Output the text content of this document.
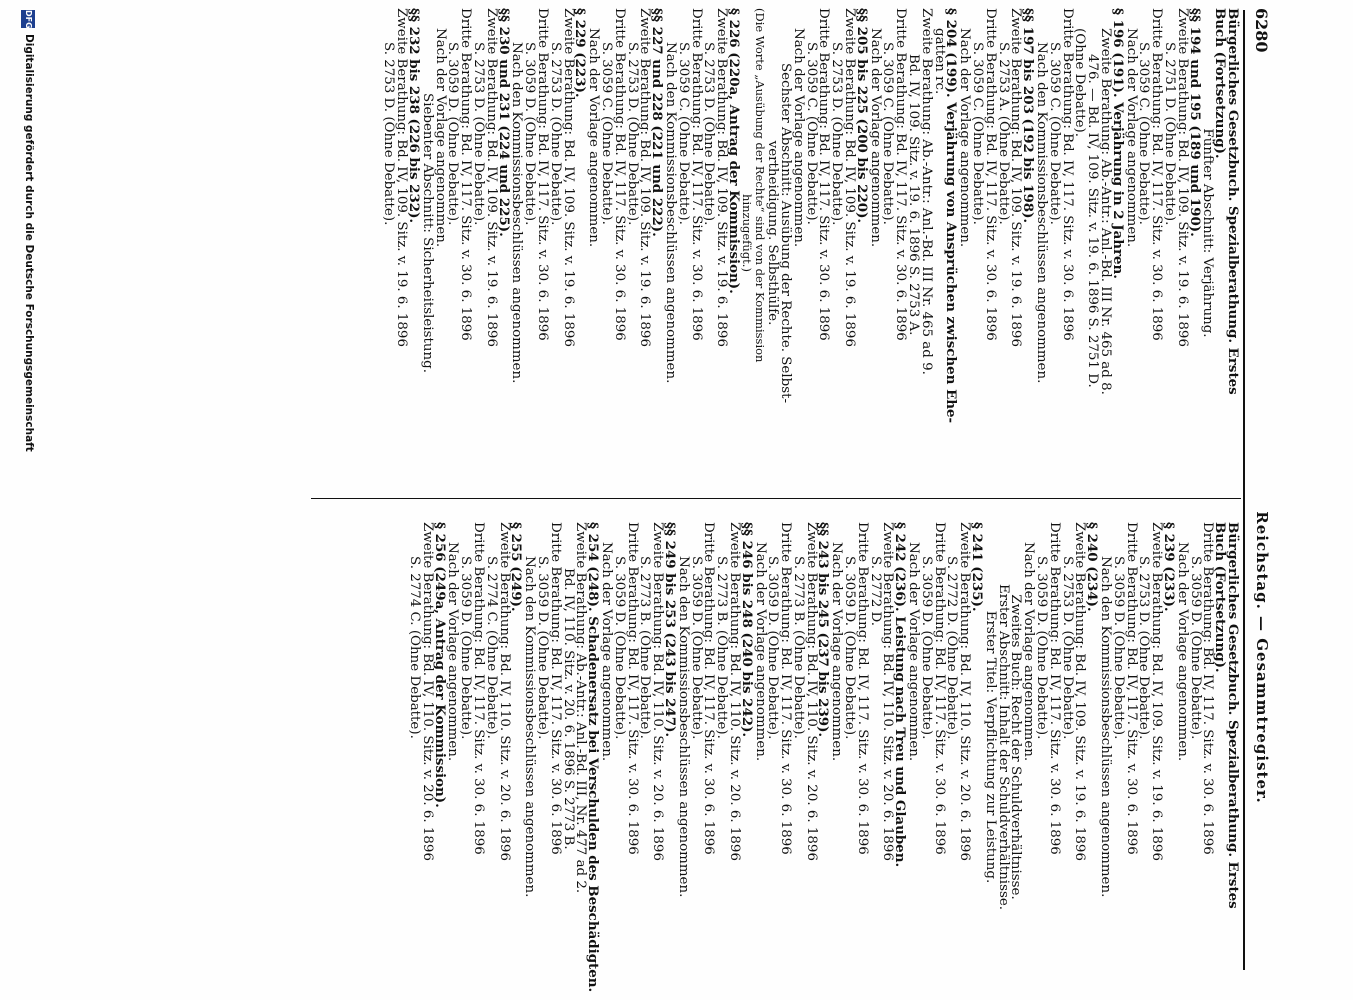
6280
Reichstag. — Gesammtregister.
Bürgerliches Gesetzbuch. Spezialberathung. Erstes
Buch (Fortsetzung).
Fünfter Abschnitt: Verjährung.
§§ 194 und 195 (189 und 190).
Zweite Berathung: Bd. IV, 109. Sitz. v. 19. 6. 1896
S. 2751 D. (Ohne Debatte).
Dritte Berathung: Bd. IV, 117. Sitz. v. 30. 6. 1896
S. 3059 C. (Ohne Debatte).
Nach der Vorlage angenommen.
§ 196 (191). Verjährung in 2 Jahren.
Zweite Berathung: Ab.-Antr.: Anl.-Bd. III Nr. 465 ad 8.
476. — Bd. IV, 109. Sitz. v. 19. 6. 1896 S. 2751 D.
(Ohne Debatte).
Dritte Berathung: Bd. IV, 117. Sitz. v. 30. 6. 1896
S. 3059 C. (Ohne Debatte).
Nach den Kommissionsbeschlüssen angenommen.
§§ 197 bis 203 (192 bis 198).
Zweite Berathung: Bd. IV, 109. Sitz. v. 19. 6. 1896
S. 2753 A. (Ohne Debatte).
Dritte Berathung: Bd. IV, 117. Sitz. v. 30. 6. 1896
S. 3059 C. (Ohne Debatte).
Nach der Vorlage angenommen.
§ 204 (199). Verjährung von Ansprüchen zwischen Ehe-
gatten rc.
Zweite Berathung: Ab.-Antr.: Anl.-Bd. III Nr. 465 ad 9.
Bd. IV, 109. Sitz. v. 19. 6. 1896 S. 2753 A.
Dritte Berathung: Bd. IV, 117. Sitz. v. 30. 6. 1896
S. 3059 C. (Ohne Debatte).
Nach der Vorlage angenommen.
§§ 205 bis 225 (200 bis 220).
Zweite Berathung: Bd. IV, 109. Sitz. v. 19. 6. 1896
S. 2753 D. (Ohne Debatte).
Dritte Berathung: Bd. IV, 117. Sitz. v. 30. 6. 1896
S. 3059 C. (Ohne Debatte).
Nach der Vorlage angenommen.
Sechster Abschnitt: Ausübung der Rechte. Selbst-
vertheidigung. Selbsthülfe.
(Die Worte „Ausübung der Rechte“ sind von der Kommission
hinzugefügt.)
§ 226 (220a, Antrag der Kommission).
Zweite Berathung: Bd. IV, 109. Sitz. v. 19. 6. 1896
S. 2753 D. (Ohne Debatte).
Dritte Berathung: Bd. IV, 117. Sitz. v. 30. 6. 1896
S. 3059 C. (Ohne Debatte).
Nach den Kommissionsbeschlüssen angenommen.
§§ 227 und 228 (221 und 222).
Zweite Berathung: Bd. IV, 109. Sitz. v. 19. 6. 1896
S. 2753 D. (Ohne Debatte).
Dritte Berathung: Bd. IV, 117. Sitz. v. 30. 6. 1896
S. 3059 C. (Ohne Debatte).
Nach der Vorlage angenommen.
§ 229 (223).
Zweite Berathung: Bd. IV, 109. Sitz. v. 19. 6. 1896
S. 2753 D. (Ohne Debatte).
Dritte Berathung: Bd. IV, 117. Sitz. v. 30. 6. 1896
S. 3059 D. (Ohne Debatte).
Nach den Kommissionsbeschlüssen angenommen.
§§ 230 und 231 (224 und 225).
Zweite Berathung: Bd. IV, 109. Sitz. v. 19. 6. 1896
S. 2753 D. (Ohne Debatte).
Dritte Berathung: Bd. IV, 117. Sitz. v. 30. 6. 1896
S. 3059 D. (Ohne Debatte).
Nach der Vorlage angenommen.
Siebenter Abschnitt: Sicherheitsleistung.
§§ 232 bis 238 (226 bis 232).
Zweite Berathung: Bd. IV, 109. Sitz. v. 19. 6. 1896
S. 2753 D. (Ohne Debatte).
Bürgerliches Gesetzbuch. Spezialberathung. Erstes
Buch (Fortsetzung).
Dritte Berathung: Bd. IV, 117. Sitz. v. 30. 6. 1896
S. 3059 D. (Ohne Debatte).
Nach der Vorlage angenommen.
§ 239 (233).
Zweite Berathung: Bd. IV, 109. Sitz. v. 19. 6. 1896
S. 2753 D. (Ohne Debatte).
Dritte Berathung: Bd. IV, 117. Sitz. v. 30. 6. 1896
S. 3059 D. (Ohne Debatte).
Nach den Kommissionsbeschlüssen angenommen.
§ 240 (234).
Zweite Berathung: Bd. IV, 109. Sitz. v. 19. 6. 1896
S. 2753 D. (Ohne Debatte).
Dritte Berathung: Bd. IV, 117. Sitz. v. 30. 6. 1896
S. 3059 D. (Ohne Debatte).
Nach der Vorlage angenommen.
Zweites Buch: Recht der Schuldverhältnisse.
Erster Abschnitt: Inhalt der Schuldverhältnisse.
Erster Titel: Verpflichtung zur Leistung.
§ 241 (235).
Zweite Berathung: Bd. IV, 110. Sitz. v. 20. 6. 1896
S. 2772 D. (Ohne Debatte).
Dritte Berathung: Bd. IV, 117. Sitz. v. 30. 6. 1896
S. 3059 D. (Ohne Debatte).
Nach der Vorlage angenommen.
§ 242 (236). Leistung nach Treu und Glauben.
Zweite Berathung: Bd. IV, 110. Sitz. v. 20. 6. 1896
S. 2772 D.
Dritte Berathung: Bd. IV, 117. Sitz. v. 30. 6. 1896
S. 3059 D. (Ohne Debatte).
Nach der Vorlage angenommen.
§§ 243 bis 245 (237 bis 239).
Zweite Berathung: Bd. IV, 110. Sitz. v. 20. 6. 1896
S. 2773 B. (Ohne Debatte).
Dritte Berathung: Bd. IV, 117. Sitz. v. 30. 6. 1896
S. 3059 D. (Ohne Debatte).
Nach der Vorlage angenommen.
§§ 246 bis 248 (240 bis 242).
Zweite Berathung: Bd. IV, 110. Sitz. v. 20. 6. 1896
S. 2773 B. (Ohne Debatte).
Dritte Berathung: Bd. IV, 117. Sitz. v. 30. 6. 1896
S. 3059 D. (Ohne Debatte).
Nach den Kommissionsbeschlüssen angenommen.
§§ 249 bis 253 (243 bis 247).
Zweite Berathung: Bd. IV, 110. Sitz. v. 20. 6. 1896
S. 2773 B. (Ohne Debatte).
Dritte Berathung: Bd. IV, 117. Sitz. v. 30. 6. 1896
S. 3059 D. (Ohne Debatte).
Nach der Vorlage angenommen.
§ 254 (248). Schadenersatz bei Verschulden des Beschädigten.
Zweite Berathung: Ab.-Antr.: Anl.-Bd. III, Nr. 477 ad 2.
Bd. IV, 110. Sitz. v. 20. 6. 1896 S. 2773 B.
Dritte Berathung: Bd. IV, 117. Sitz. v. 30. 6. 1896
S. 3059 D. (Ohne Debatte).
Nach den Kommissionsbeschlüssen angenommen.
§ 255 (249).
Zweite Berathung: Bd. IV, 110. Sitz. v. 20. 6. 1896
S. 2774 C. (Ohne Debatte).
Dritte Berathung: Bd. IV, 117. Sitz. v. 30. 6. 1896
S. 3059 D. (Ohne Debatte).
Nach der Vorlage angenommen.
§ 256 (249a, Antrag der Kommission).
Zweite Berathung: Bd. IV, 110. Sitz. v. 20. 6. 1896
S. 2774 C. (Ohne Debatte).
DFG
Digitalisierung gefördert durch die Deutsche Forschungsgemeinschaft
